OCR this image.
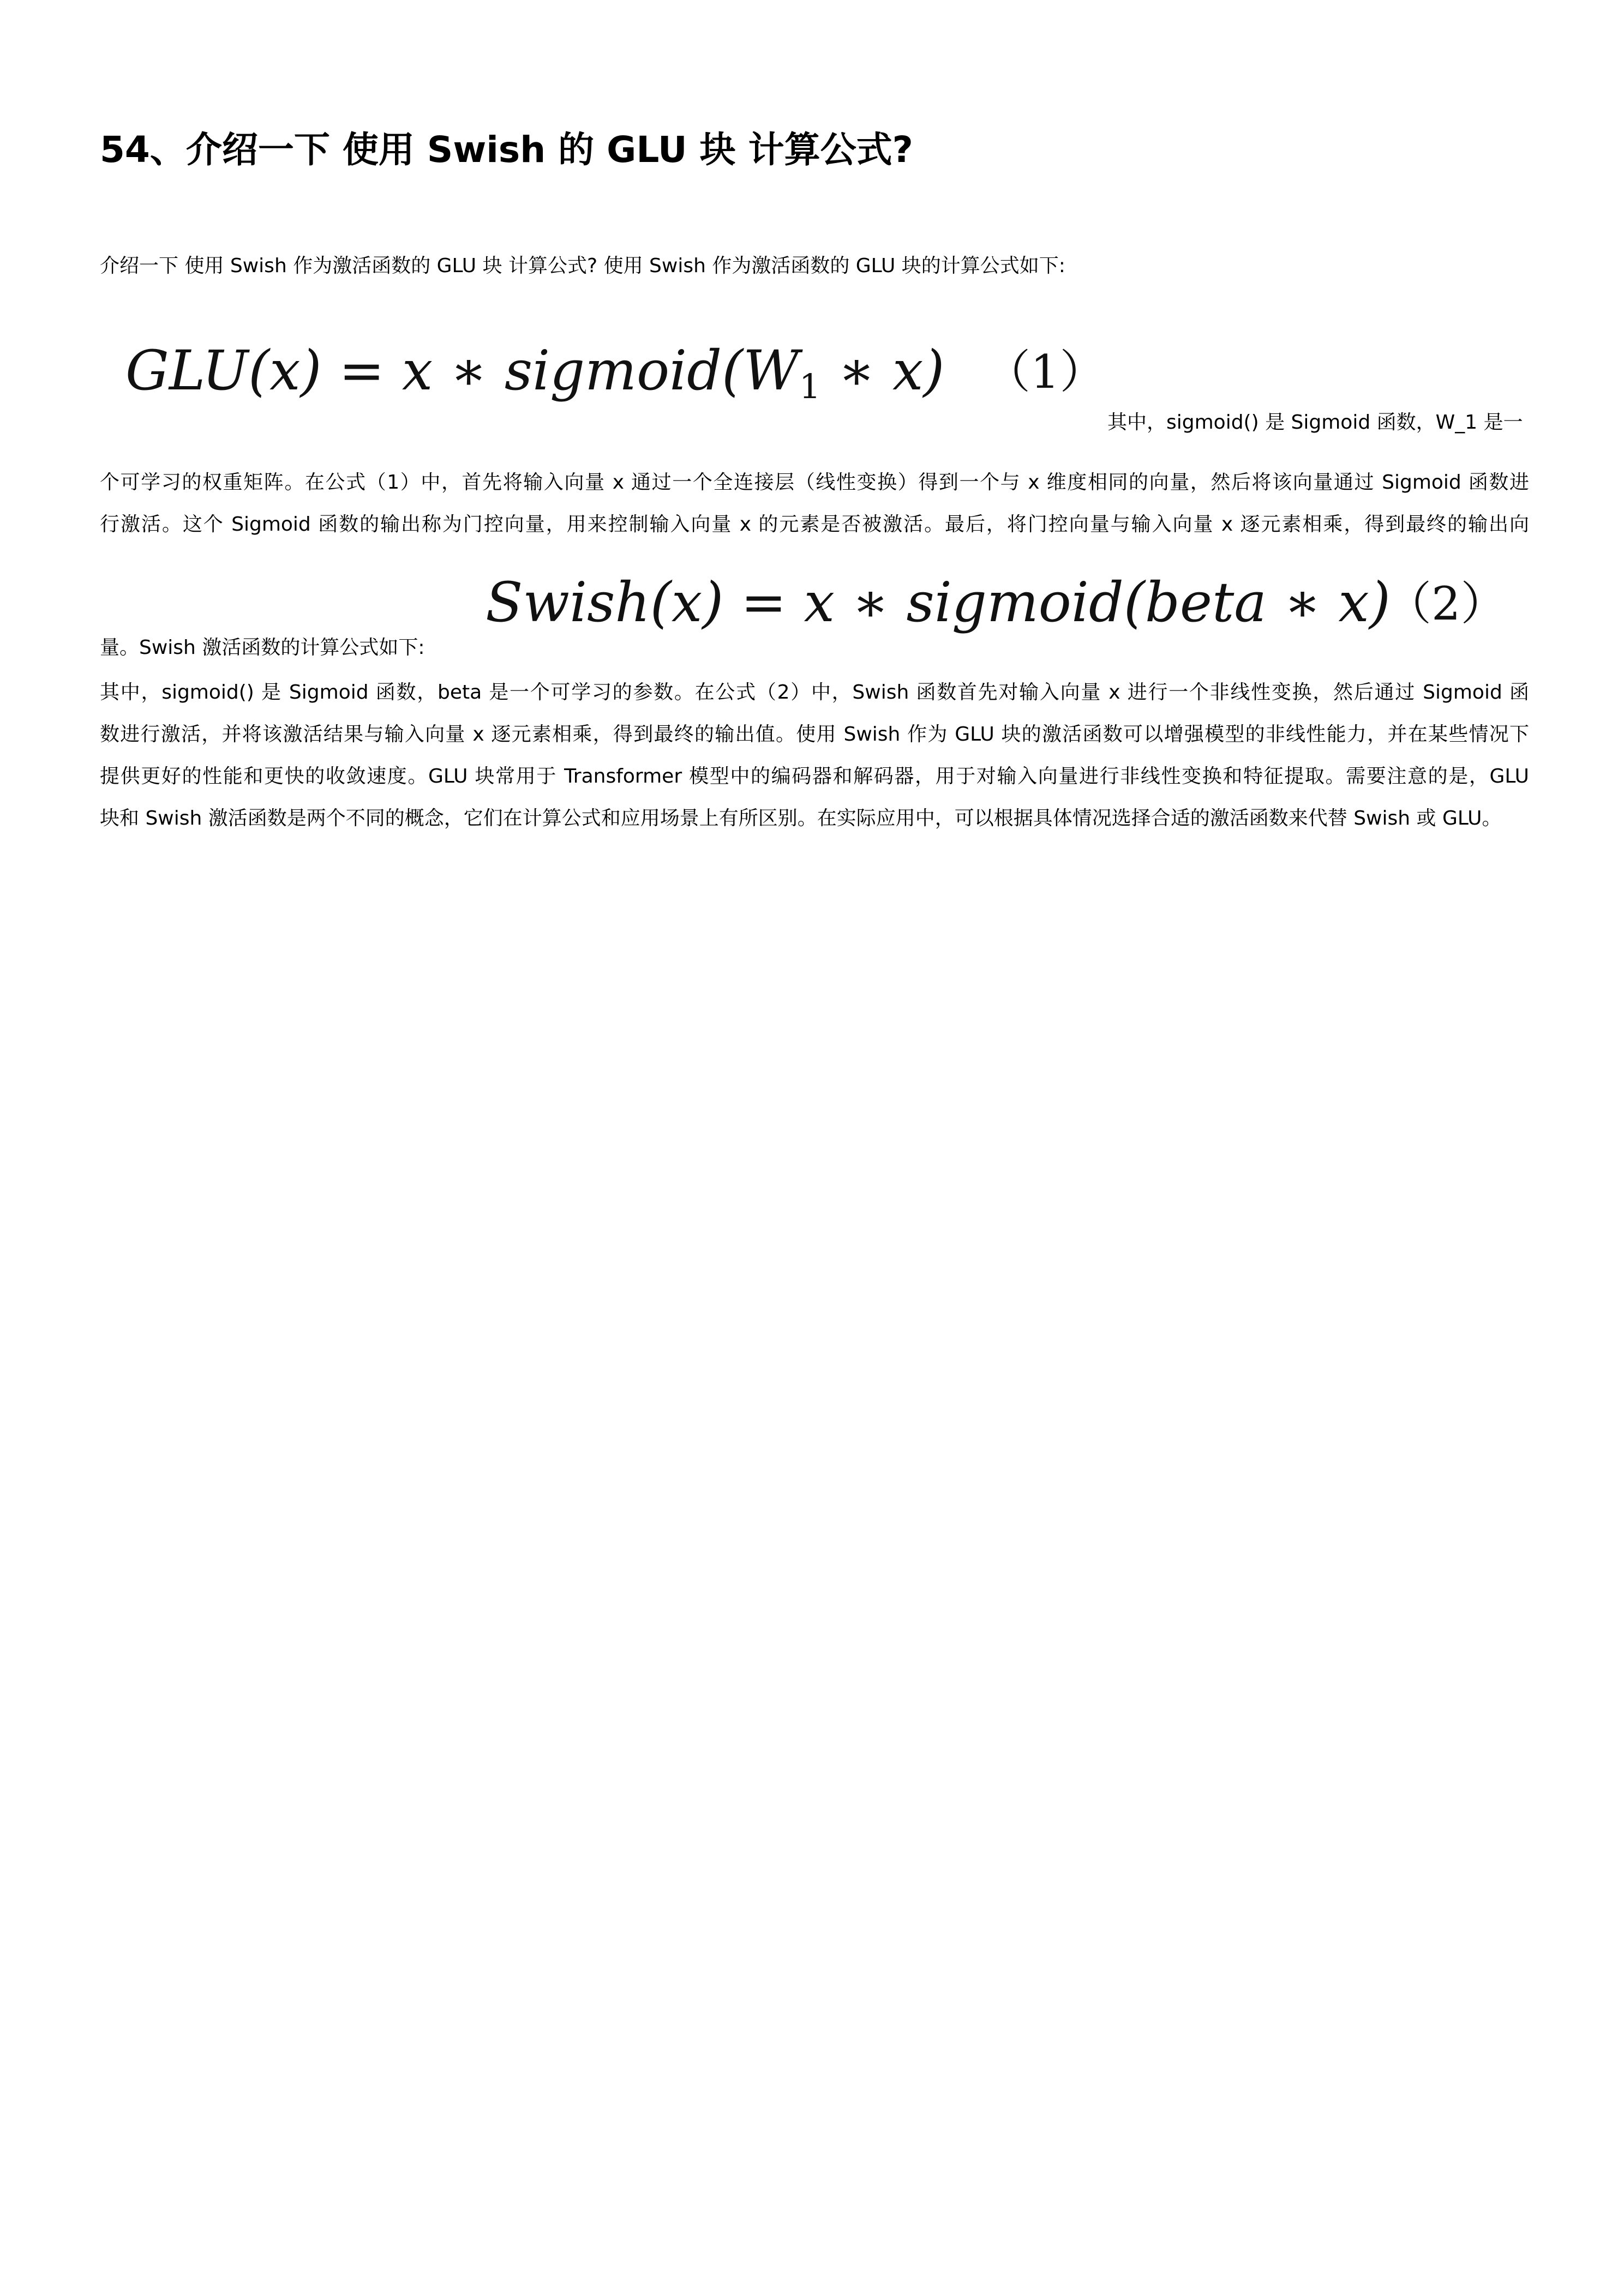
54、介绍一下 使用 Swish 的 GLU 块 计算公式?

介绍一下 使用 Swish 作为激活函数的 GLU 块 计算公式? 使用 Swish 作为激活函数的 GLU 块的计算公式如下:

GLU(x) = x ∗ $sigmoid(W_1$ ∗ x) （1）

其中，sigmoid() 是 Sigmoid 函数，W_1 是一

个可学习的权重矩阵。在公式（1）中，首先将输入向量 x 通过一个全连接层（线性变换）得到一个与 x 维度相同的向量，然后将该向量通过 Sigmoid 函数进

行激活。这个 Sigmoid 函数的输出称为门控向量，用来控制输入向量 x 的元素是否被激活。最后，将门控向量与输入向量 x 逐元素相乘，得到最终的输出向

Swish(x) = x ∗ sigmoid(beta ∗ x)
（2）

量。Swish 激活函数的计算公式如下:

其中，sigmoid() 是 Sigmoid 函数，beta 是一个可学习的参数。在公式（2）中，Swish 函数首先对输入向量 x 进行一个非线性变换，然后通过 Sigmoid 函

数进行激活，并将该激活结果与输入向量 x 逐元素相乘，得到最终的输出值。使用 Swish 作为 GLU 块的激活函数可以增强模型的非线性能力，并在某些情况下

提供更好的性能和更快的收敛速度。GLU 块常用于 Transformer 模型中的编码器和解码器，用于对输入向量进行非线性变换和特征提取。需要注意的是，GLU

块和 Swish 激活函数是两个不同的概念，它们在计算公式和应用场景上有所区别。在实际应用中，可以根据具体情况选择合适的激活函数来代替 Swish 或 GLU。
